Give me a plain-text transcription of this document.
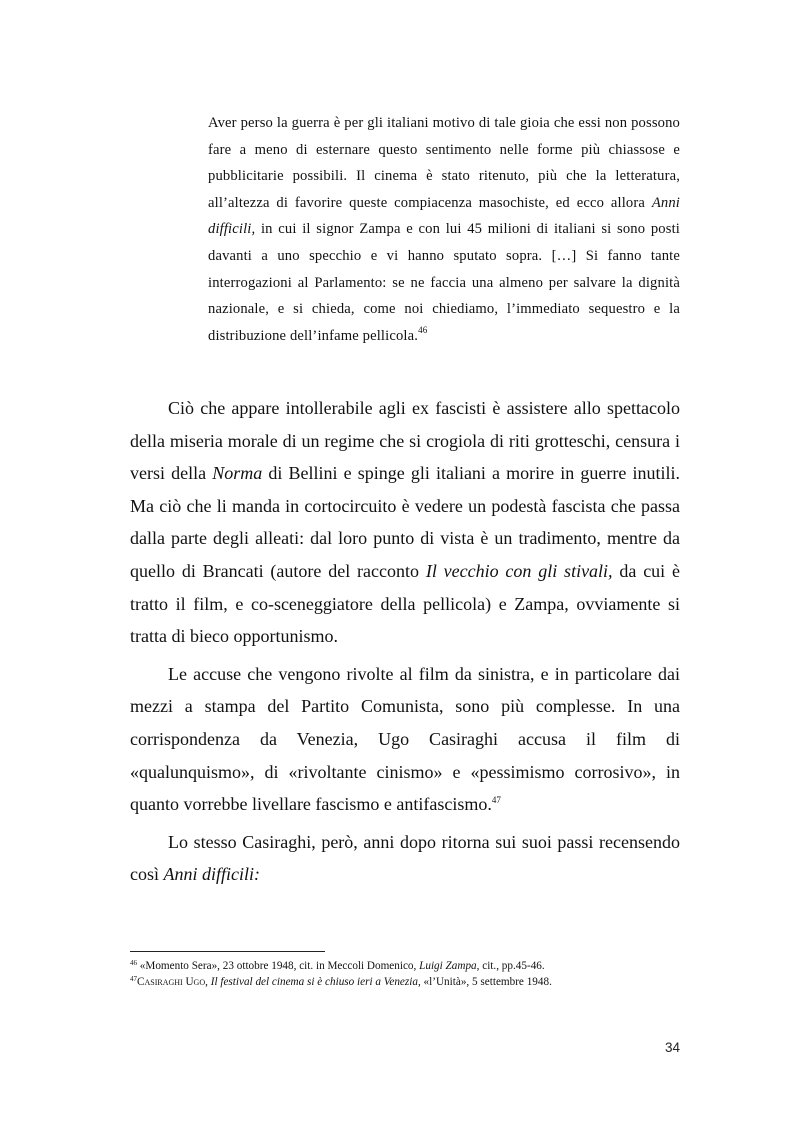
Aver perso la guerra è per gli italiani motivo di tale gioia che essi non possono fare a meno di esternare questo sentimento nelle forme più chiassose e pubblicitarie possibili. Il cinema è stato ritenuto, più che la letteratura, all’altezza di favorire queste compiacenza masochiste, ed ecco allora Anni difficili, in cui il signor Zampa e con lui 45 milioni di italiani si sono posti davanti a uno specchio e vi hanno sputato sopra. […] Si fanno tante interrogazioni al Parlamento: se ne faccia una almeno per salvare la dignità nazionale, e si chieda, come noi chiediamo, l’immediato sequestro e la distribuzione dell’infame pellicola.$^{46}$

Ciò che appare intollerabile agli ex fascisti è assistere allo spettacolo della miseria morale di un regime che si crogiola di riti grotteschi, censura i versi della Norma di Bellini e spinge gli italiani a morire in guerre inutili. Ma ciò che li manda in cortocircuito è vedere un podestà fascista che passa dalla parte degli alleati: dal loro punto di vista è un tradimento, mentre da quello di Brancati (autore del racconto Il vecchio con gli stivali, da cui è tratto il film, e co-sceneggiatore della pellicola) e Zampa, ovviamente si tratta di bieco opportunismo.

Le accuse che vengono rivolte al film da sinistra, e in particolare dai mezzi a stampa del Partito Comunista, sono più complesse. In una corrispondenza da Venezia, Ugo Casiraghi accusa il film di «qualunquismo», di «rivoltante cinismo» e «pessimismo corrosivo», in quanto vorrebbe livellare fascismo e antifascismo.$^{47}$

Lo stesso Casiraghi, però, anni dopo ritorna sui suoi passi recensendo così Anni difficili:

$^{46}$ «Momento Sera», 23 ottobre 1948, cit. in Meccoli Domenico, Luigi Zampa, cit., pp.45-46.
$^{47}$Casiraghi Ugo, Il festival del cinema si è chiuso ieri a Venezia, «l’Unità», 5 settembre 1948.
34
